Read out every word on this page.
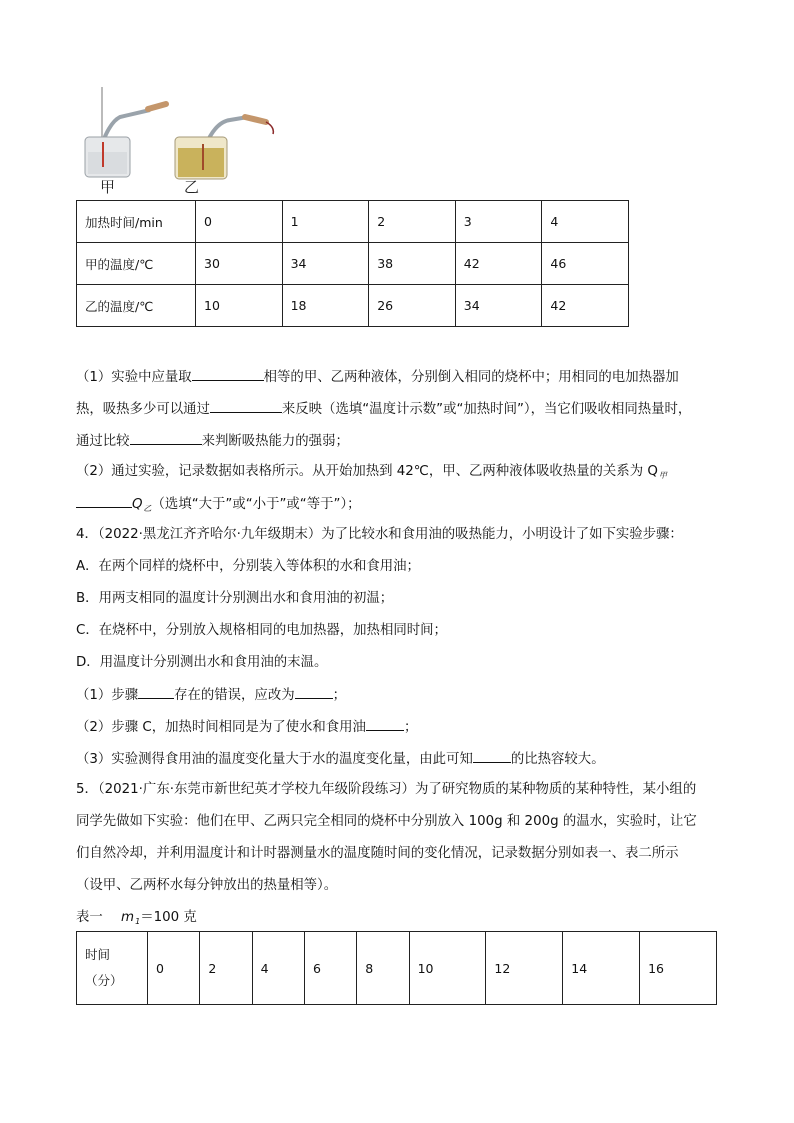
甲	乙
加热时间/min	0	1	2	3	4
甲的温度/℃	30	34	38	42	46
乙的温度/℃	10	18	26	34	42
（1）实验中应量取	相等的甲、乙两种液体，分别倒入相同的烧杯中；用相同的电加热器加
热，吸热多少可以通过	来反映（选填“温度计示数”或“加热时间”），当它们吸收相同热量时，
通过比较	来判断吸热能力的强弱；
（2）通过实验，记录数据如表格所示。从开始加热到 42℃，甲、乙两种液体吸收热量的关系为 $Q_甲$
$Q_乙$（选填“大于”或“小于”或“等于”）；
4．（2022·黑龙江齐齐哈尔·九年级期末）为了比较水和食用油的吸热能力，小明设计了如下实验步骤：
A．在两个同样的烧杯中，分别装入等体积的水和食用油；
B．用两支相同的温度计分别测出水和食用油的初温；
C．在烧杯中，分别放入规格相同的电加热器，加热相同时间；
D．用温度计分别测出水和食用油的末温。
（1）步骤	存在的错误，应改为	；
（2）步骤 C，加热时间相同是为了使水和食用油	；
（3）实验测得食用油的温度变化量大于水的温度变化量，由此可知	的比热容较大。
5．（2021·广东·东莞市新世纪英才学校九年级阶段练习）为了研究物质的某种物质的某种特性，某小组的
同学先做如下实验：他们在甲、乙两只完全相同的烧杯中分别放入 100g 和 200g 的温水，实验时，让它
们自然冷却，并利用温度计和计时器测量水的温度随时间的变化情况，记录数据分别如表一、表二所示
（设甲、乙两杯水每分钟放出的热量相等）。
表一 $m_1=100$ 克
时间
（分）
	0	2	4	6	8	10	12	14	16
